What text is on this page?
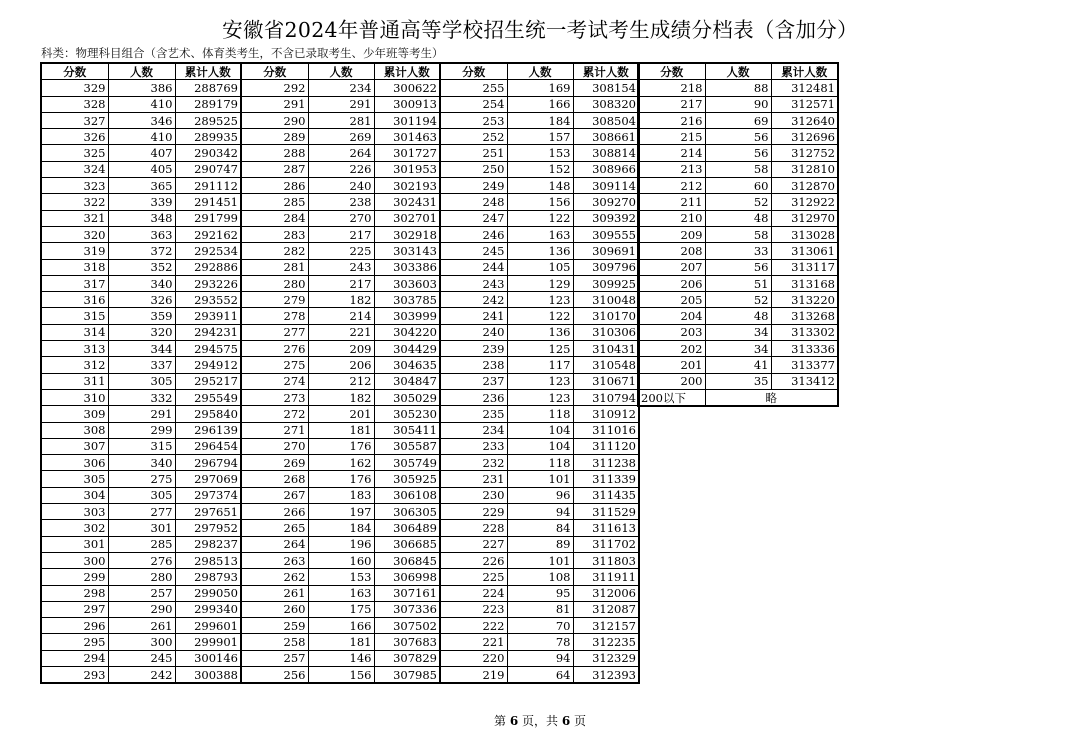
安徽省2024年普通高等学校招生统一考试考生成绩分档表（含加分）
科类：物理科目组合（含艺术、体育类考生，不含已录取考生、少年班等考生）
分数	人数	累计人数	分数	人数	累计人数	分数	人数	累计人数
329	386	288769	292	234	300622	255	169	308154
328	410	289179	291	291	300913	254	166	308320
327	346	289525	290	281	301194	253	184	308504
326	410	289935	289	269	301463	252	157	308661
325	407	290342	288	264	301727	251	153	308814
324	405	290747	287	226	301953	250	152	308966
323	365	291112	286	240	302193	249	148	309114
322	339	291451	285	238	302431	248	156	309270
321	348	291799	284	270	302701	247	122	309392
320	363	292162	283	217	302918	246	163	309555
319	372	292534	282	225	303143	245	136	309691
318	352	292886	281	243	303386	244	105	309796
317	340	293226	280	217	303603	243	129	309925
316	326	293552	279	182	303785	242	123	310048
315	359	293911	278	214	303999	241	122	310170
314	320	294231	277	221	304220	240	136	310306
313	344	294575	276	209	304429	239	125	310431
312	337	294912	275	206	304635	238	117	310548
311	305	295217	274	212	304847	237	123	310671
310	332	295549	273	182	305029	236	123	310794
309	291	295840	272	201	305230	235	118	310912
308	299	296139	271	181	305411	234	104	311016
307	315	296454	270	176	305587	233	104	311120
306	340	296794	269	162	305749	232	118	311238
305	275	297069	268	176	305925	231	101	311339
304	305	297374	267	183	306108	230	96	311435
303	277	297651	266	197	306305	229	94	311529
302	301	297952	265	184	306489	228	84	311613
301	285	298237	264	196	306685	227	89	311702
300	276	298513	263	160	306845	226	101	311803
299	280	298793	262	153	306998	225	108	311911
298	257	299050	261	163	307161	224	95	312006
297	290	299340	260	175	307336	223	81	312087
296	261	299601	259	166	307502	222	70	312157
295	300	299901	258	181	307683	221	78	312235
294	245	300146	257	146	307829	220	94	312329
293	242	300388	256	156	307985	219	64	312393
分数	人数	累计人数
218	88	312481
217	90	312571
216	69	312640
215	56	312696
214	56	312752
213	58	312810
212	60	312870
211	52	312922
210	48	312970
209	58	313028
208	33	313061
207	56	313117
206	51	313168
205	52	313220
204	48	313268
203	34	313302
202	34	313336
201	41	313377
200	35	313412
200以下	略	
第 6 页，共 6 页
